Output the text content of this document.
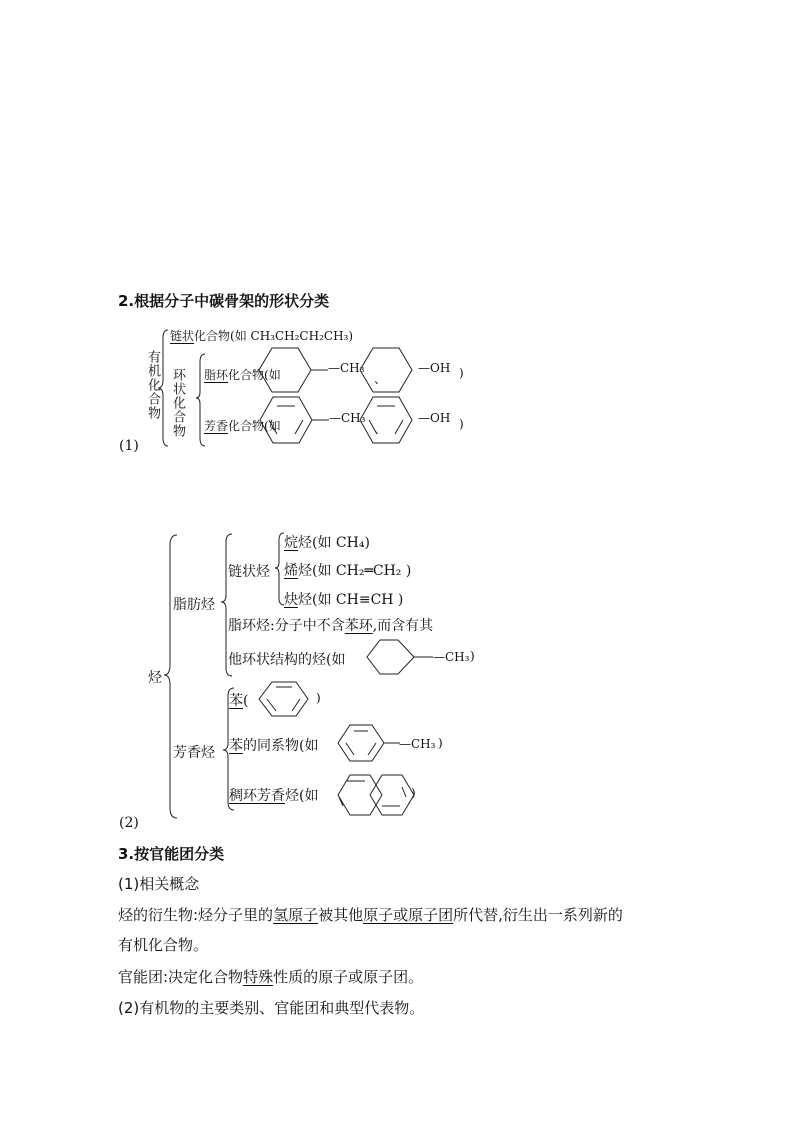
2.根据分子中碳骨架的形状分类
(1)
有机化合物
链状化合物(如 CH₃CH₂CH₂CH₃)
环状化合物 脂环化合物(如
芳香化合物(如
—CH₃
、
—OH )
—CH₃
、
—OH )
(2)
烃
脂肪烃
链状烃
烷烃(如 CH₄)
烯烃(如 CH₂═CH₂ )
炔烃(如 CH≡CH )
脂环烃:分子中不含苯环,而含有其
他环状结构的烃(如	—CH₃ )
芳香烃
苯(	)
苯的同系物(如	—CH₃ )
稠环芳香烃(如	)
3.按官能团分类
(1)相关概念
烃的衍生物:烃分子里的氢原子被其他原子或原子团所代替,衍生出一系列新的
有机化合物。
官能团:决定化合物特殊性质的原子或原子团。
(2)有机物的主要类别、官能团和典型代表物。
